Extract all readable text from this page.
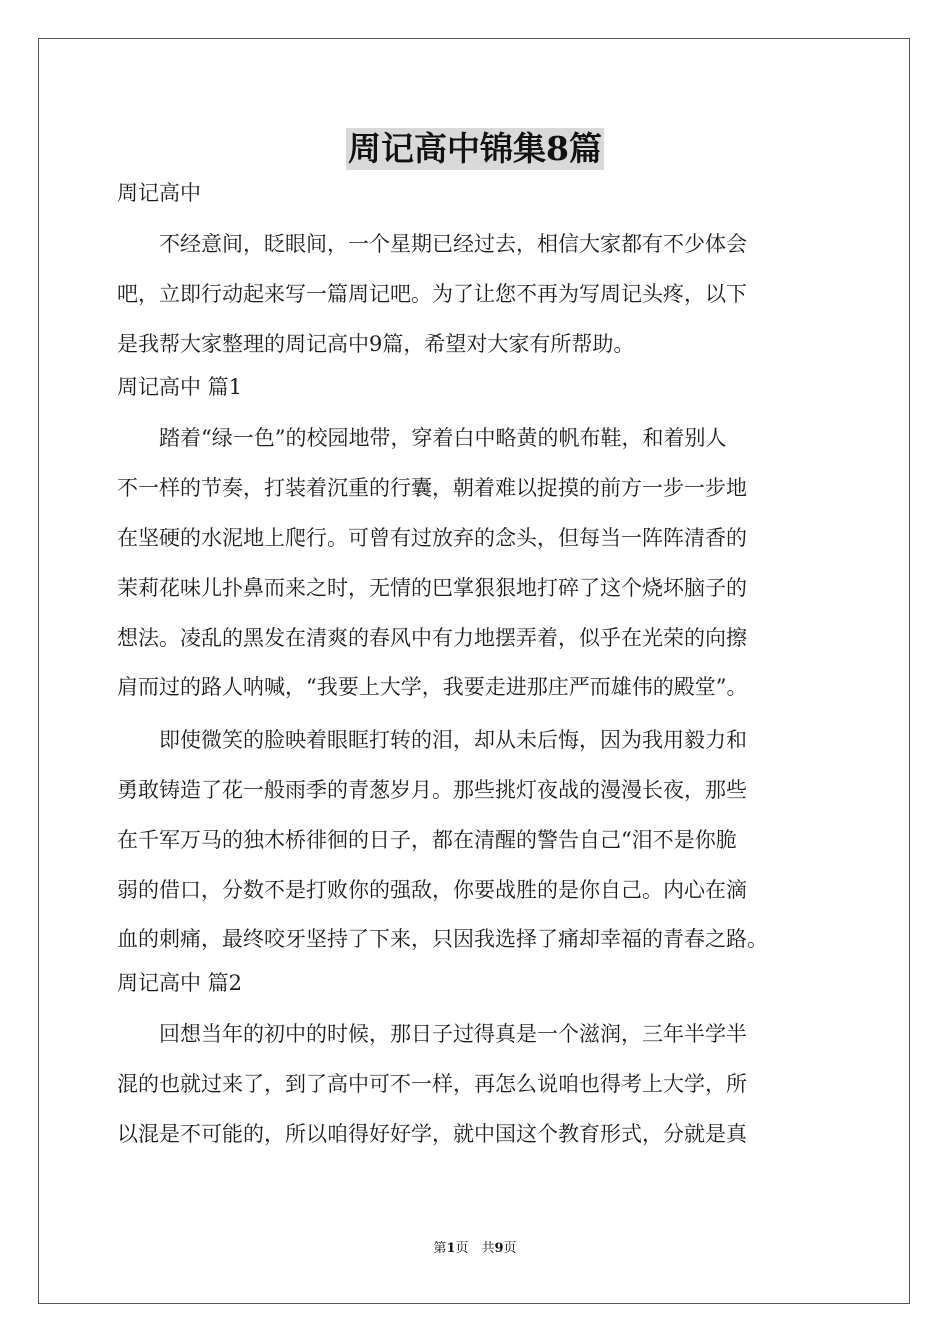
周记高中锦集8篇
周记高中
　　不经意间，眨眼间，一个星期已经过去，相信大家都有不少体会
吧，立即行动起来写一篇周记吧。为了让您不再为写周记头疼，以下
是我帮大家整理的周记高中9篇，希望对大家有所帮助。
周记高中 篇1
　　踏着“绿一色”的校园地带，穿着白中略黄的帆布鞋，和着别人
不一样的节奏，打装着沉重的行囊，朝着难以捉摸的前方一步一步地
在坚硬的水泥地上爬行。可曾有过放弃的念头，但每当一阵阵清香的
茉莉花味儿扑鼻而来之时，无情的巴掌狠狠地打碎了这个烧坏脑子的
想法。凌乱的黑发在清爽的春风中有力地摆弄着，似乎在光荣的向擦
肩而过的路人呐喊，“我要上大学，我要走进那庄严而雄伟的殿堂”。
　　即使微笑的脸映着眼眶打转的泪，却从未后悔，因为我用毅力和
勇敢铸造了花一般雨季的青葱岁月。那些挑灯夜战的漫漫长夜，那些
在千军万马的独木桥徘徊的日子，都在清醒的警告自己“泪不是你脆
弱的借口，分数不是打败你的强敌，你要战胜的是你自己。内心在滴
血的刺痛，最终咬牙坚持了下来，只因我选择了痛却幸福的青春之路。
周记高中 篇2
　　回想当年的初中的时候，那日子过得真是一个滋润，三年半学半
混的也就过来了，到了高中可不一样，再怎么说咱也得考上大学，所
以混是不可能的，所以咱得好好学，就中国这个教育形式，分就是真
第1页　共9页
